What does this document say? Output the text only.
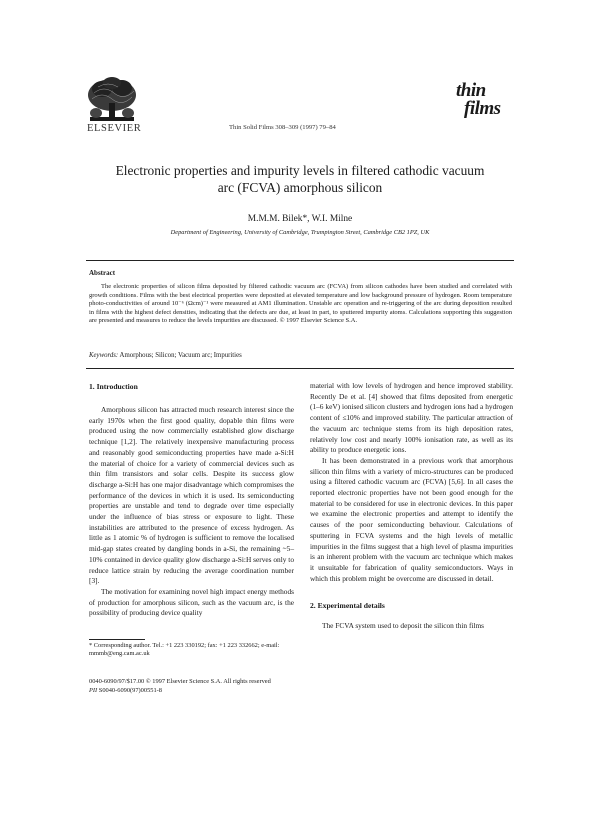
ELSEVIER	Thin Solid Films 308–309 (1997) 79–84
thin
films
Electronic properties and impurity levels in filtered cathodic vacuum
arc (FCVA) amorphous silicon
M.M.M. Bilek*, W.I. Milne
Department of Engineering, University of Cambridge, Trumpington Street, Cambridge CB2 1PZ, UK
Abstract
The electronic properties of silicon films deposited by filtered cathodic vacuum arc (FCVA) from silicon cathodes have been studied and correlated with growth conditions. Films with the best electrical properties were deposited at elevated temperature and low background pressure of hydrogen. Room temperature photo-conductivities of around 10⁻⁶ (Ωcm)⁻¹ were measured at AM1 illumination. Unstable arc operation and re-triggering of the arc during deposition resulted in films with the highest defect densities, indicating that the defects are due, at least in part, to sputtered impurity atoms. Calculations supporting this suggestion are presented and measures to reduce the levels impurities are discussed. © 1997 Elsevier Science S.A.
Keywords: Amorphous; Silicon; Vacuum arc; Impurities
1. Introduction

Amorphous silicon has attracted much research interest since the early 1970s when the first good quality, dopable thin films were produced using the now commercially established glow discharge technique [1,2]. The relatively inexpensive manufacturing process and reasonably good semiconducting properties have made a-Si:H the material of choice for a variety of commercial devices such as thin film transistors and solar cells. Despite its success glow discharge a-Si:H has one major disadvantage which compromises the performance of the devices in which it is used. Its semiconducting properties are unstable and tend to degrade over time especially under the influence of bias stress or exposure to light. These instabilities are attributed to the presence of excess hydrogen. As little as 1 atomic % of hydrogen is sufficient to remove the localised mid-gap states created by dangling bonds in a-Si, the remaining ~5–10% contained in device quality glow discharge a-Si:H serves only to reduce lattice strain by reducing the average coordination number [3].

The motivation for examining novel high impact energy methods of production for amorphous silicon, such as the vacuum arc, is the possibility of producing device quality

* Corresponding author. Tel.: +1 223 330192; fax: +1 223 332662; e-mail: mmmb@eng.cam.ac.uk
0040-6090/97/$17.00 © 1997 Elsevier Science S.A. All rights reserved
PII S0040-6090(97)00551-8

material with low levels of hydrogen and hence improved stability. Recently De et al. [4] showed that films deposited from energetic (1–6 keV) ionised silicon clusters and hydrogen ions had a hydrogen content of ≤10% and improved stability. The particular attraction of the vacuum arc technique stems from its high deposition rates, relatively low cost and nearly 100% ionisation rate, as well as its ability to produce energetic ions.

It has been demonstrated in a previous work that amorphous silicon thin films with a variety of micro-structures can be produced using a filtered cathodic vacuum arc (FCVA) [5,6]. In all cases the reported electronic properties have not been good enough for the material to be considered for use in electronic devices. In this paper we examine the electronic properties and attempt to identify the causes of the poor semiconducting behaviour. Calculations of sputtering in FCVA systems and the high levels of metallic impurities in the films suggest that a high level of plasma impurities is an inherent problem with the vacuum arc technique which makes it unsuitable for fabrication of quality semiconductors. Ways in which this problem might be overcome are discussed in detail.

2. Experimental details

The FCVA system used to deposit the silicon thin films
